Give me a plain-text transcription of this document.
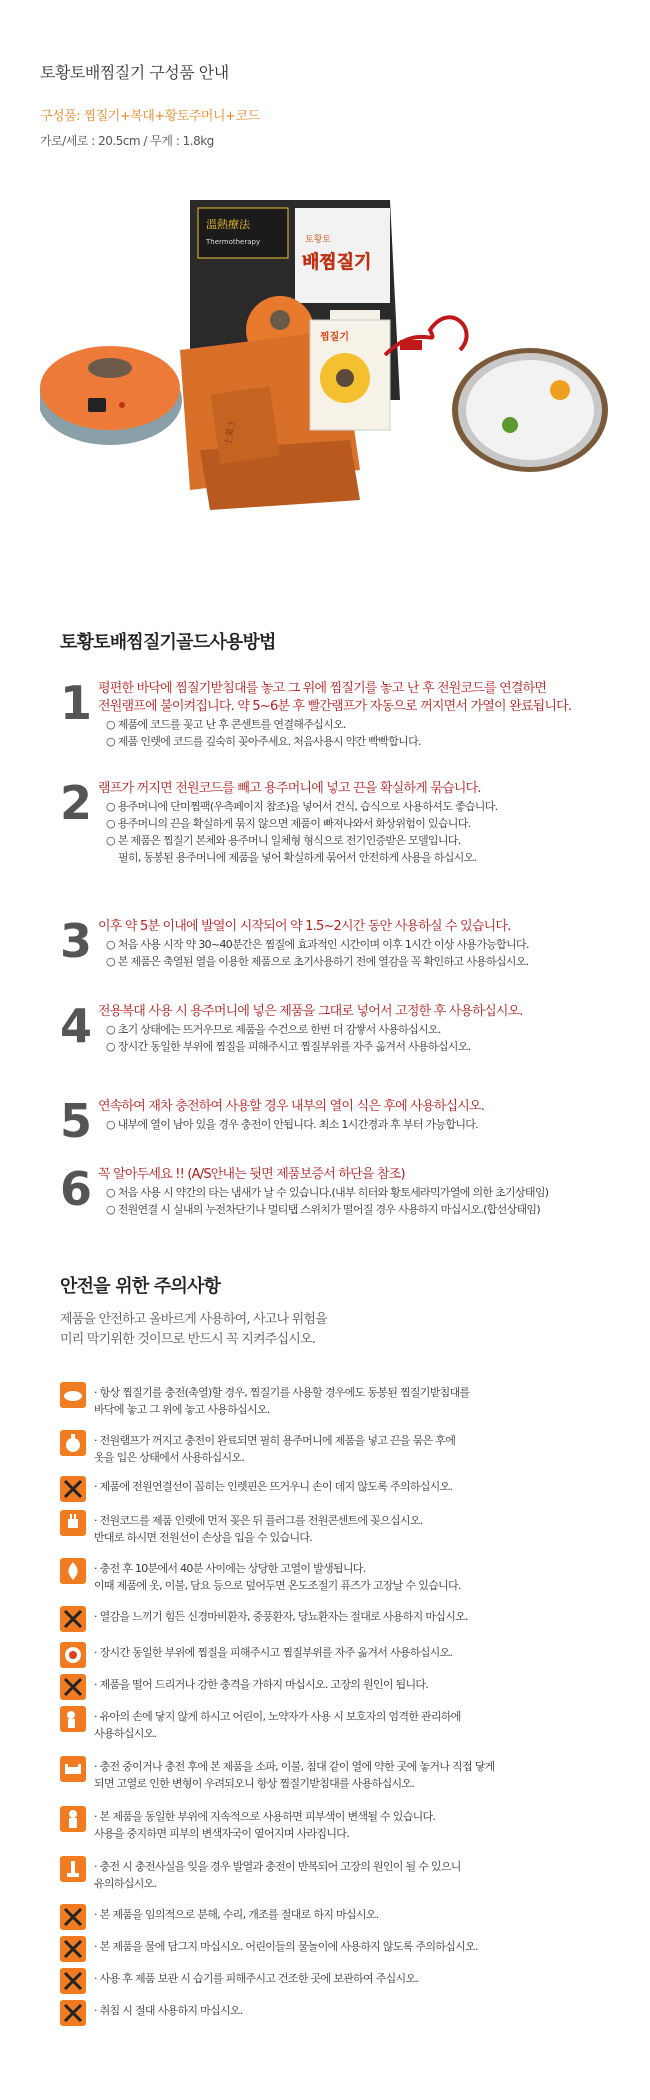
토황토배찜질기 구성품 안내
구성품: 찜질기+복대+황토주머니+코드
가로/세로 : 20.5cm / 무게 : 1.8kg
溫熱療法
Thermotherapy
배찜질기
토황토
土黃土
찜질기
토황토배찜질기골드사용방법
1 평편한 바닥에 찜질기받침대를 놓고 그 위에 찜질기를 놓고 난 후 전원코드를 연결하면
전원램프에 불이켜집니다. 약 5~6분 후 빨간램프가 자동으로 꺼지면서 가열이 완료됩니다.
○ 제품에 코드를 꽂고 난 후 콘센트를 연결해주십시오.
○ 제품 인렛에 코드를 깊숙히 꽂아주세요. 처음사용시 약간 빡빡합니다.
2 램프가 꺼지면 전원코드를 빼고 용주머니에 넣고 끈을 확실하게 묶습니다.
○ 용주머니에 단미찜팩(우측페이지 참조)을 넣어서 건식, 습식으로 사용하셔도 좋습니다.
○ 용주머니의 끈을 확실하게 묶지 않으면 제품이 빠져나와서 화상위험이 있습니다.
○ 본 제품은 찜질기 본체와 용주머니 일체형 형식으로 전기인증받은 모델입니다.
필히, 동봉된 용주머니에 제품을 넣어 확실하게 묶어서 안전하게 사용을 하십시오.
3 이후 약 5분 이내에 발열이 시작되어 약 1.5~2시간 동안 사용하실 수 있습니다.
○ 처음 사용 시작 약 30~40분간은 찜질에 효과적인 시간이며 이후 1시간 이상 사용가능합니다.
○ 본 제품은 축열된 열을 이용한 제품으로 초기사용하기 전에 열감을 꼭 확인하고 사용하십시오.
4 전용복대 사용 시 용주머니에 넣은 제품을 그대로 넣어서 고정한 후 사용하십시오.
○ 초기 상태에는 뜨거우므로 제품을 수건으로 한번 더 감쌓서 사용하십시오.
○ 장시간 동일한 부위에 찜질을 피해주시고 찜질부위를 자주 옮겨서 사용하십시오.
5 연속하여 재차 충전하여 사용할 경우 내부의 열이 식은 후에 사용하십시오.
○ 내부에 열이 남아 있을 경우 충전이 안됩니다. 최소 1시간경과 후 부터 가능합니다.
6 꼭 알아두세요 !! (A/S안내는 뒷면 제품보증서 하단을 참조)
○ 처음 사용 시 약간의 타는 냄새가 날 수 있습니다.(내부 히터와 황토세라믹가열에 의한 초기상태임)
○ 전원연결 시 실내의 누전차단기나 멀티탭 스위치가 떨어질 경우 사용하지 마십시오.(합선상태임)
안전을 위한 주의사항
제품을 안전하고 올바르게 사용하여, 사고나 위험을
미리 막기위한 것이므로 반드시 꼭 지켜주십시오.
· 항상 찜질기를 충전(축열)할 경우, 찜질기를 사용할 경우에도 동봉된 찜질기받침대를
바닥에 놓고 그 위에 놓고 사용하십시오.
· 전원램프가 꺼지고 충전이 완료되면 필히 용주머니에 제품을 넣고 끈을 묶은 후에
옷을 입은 상태에서 사용하십시오.
· 제품에 전원연결선이 꼽히는 인렛핀은 뜨거우니 손이 데지 않도록 주의하십시오.
· 전원코드를 제품 인렛에 먼저 꽂은 뒤 플러그를 전원콘센트에 꽂으십시오.
반대로 하시면 전원선이 손상을 입을 수 있습니다.
· 충전 후 10분에서 40분 사이에는 상당한 고열이 발생됩니다.
이때 제품에 옷, 이불, 담요 등으로 덮어두면 온도조절기 퓨즈가 고장날 수 있습니다.
· 열감을 느끼기 힘든 신경마비환자, 중풍환자, 당뇨환자는 절대로 사용하지 마십시오.
· 장시간 동일한 부위에 찜질을 피해주시고 찜질부위를 자주 옮겨서 사용하십시오.
· 제품을 떨어 드리거나 강한 충격을 가하지 마십시오. 고장의 원인이 됩니다.
· 유아의 손에 닿지 않게 하시고 어린이, 노약자가 사용 시 보호자의 엄격한 관리하에
사용하십시오.
· 충전 중이거나 충전 후에 본 제품을 소파, 이불, 침대 같이 열에 약한 곳에 놓거나 직접 닿게
되면 고열로 인한 변형이 우려되오니 항상 찜질기받침대를 사용하십시오.
· 본 제품을 동일한 부위에 지속적으로 사용하면 피부색이 변색될 수 있습니다.
사용을 중지하면 피부의 변색자국이 옅어지며 사라집니다.
· 충전 시 충전사실을 잊을 경우 발열과 충전이 반복되어 고장의 원인이 될 수 있으니
유의하십시오.
· 본 제품을 임의적으로 분해, 수리, 개조를 절대로 하지 마십시오.
· 본 제품을 물에 담그지 마십시오. 어린이들의 물놀이에 사용하지 않도록 주의하십시오.
· 사용 후 제품 보관 시 습기를 피해주시고 건조한 곳에 보관하여 주십시오.
· 취침 시 절대 사용하지 마십시오.
